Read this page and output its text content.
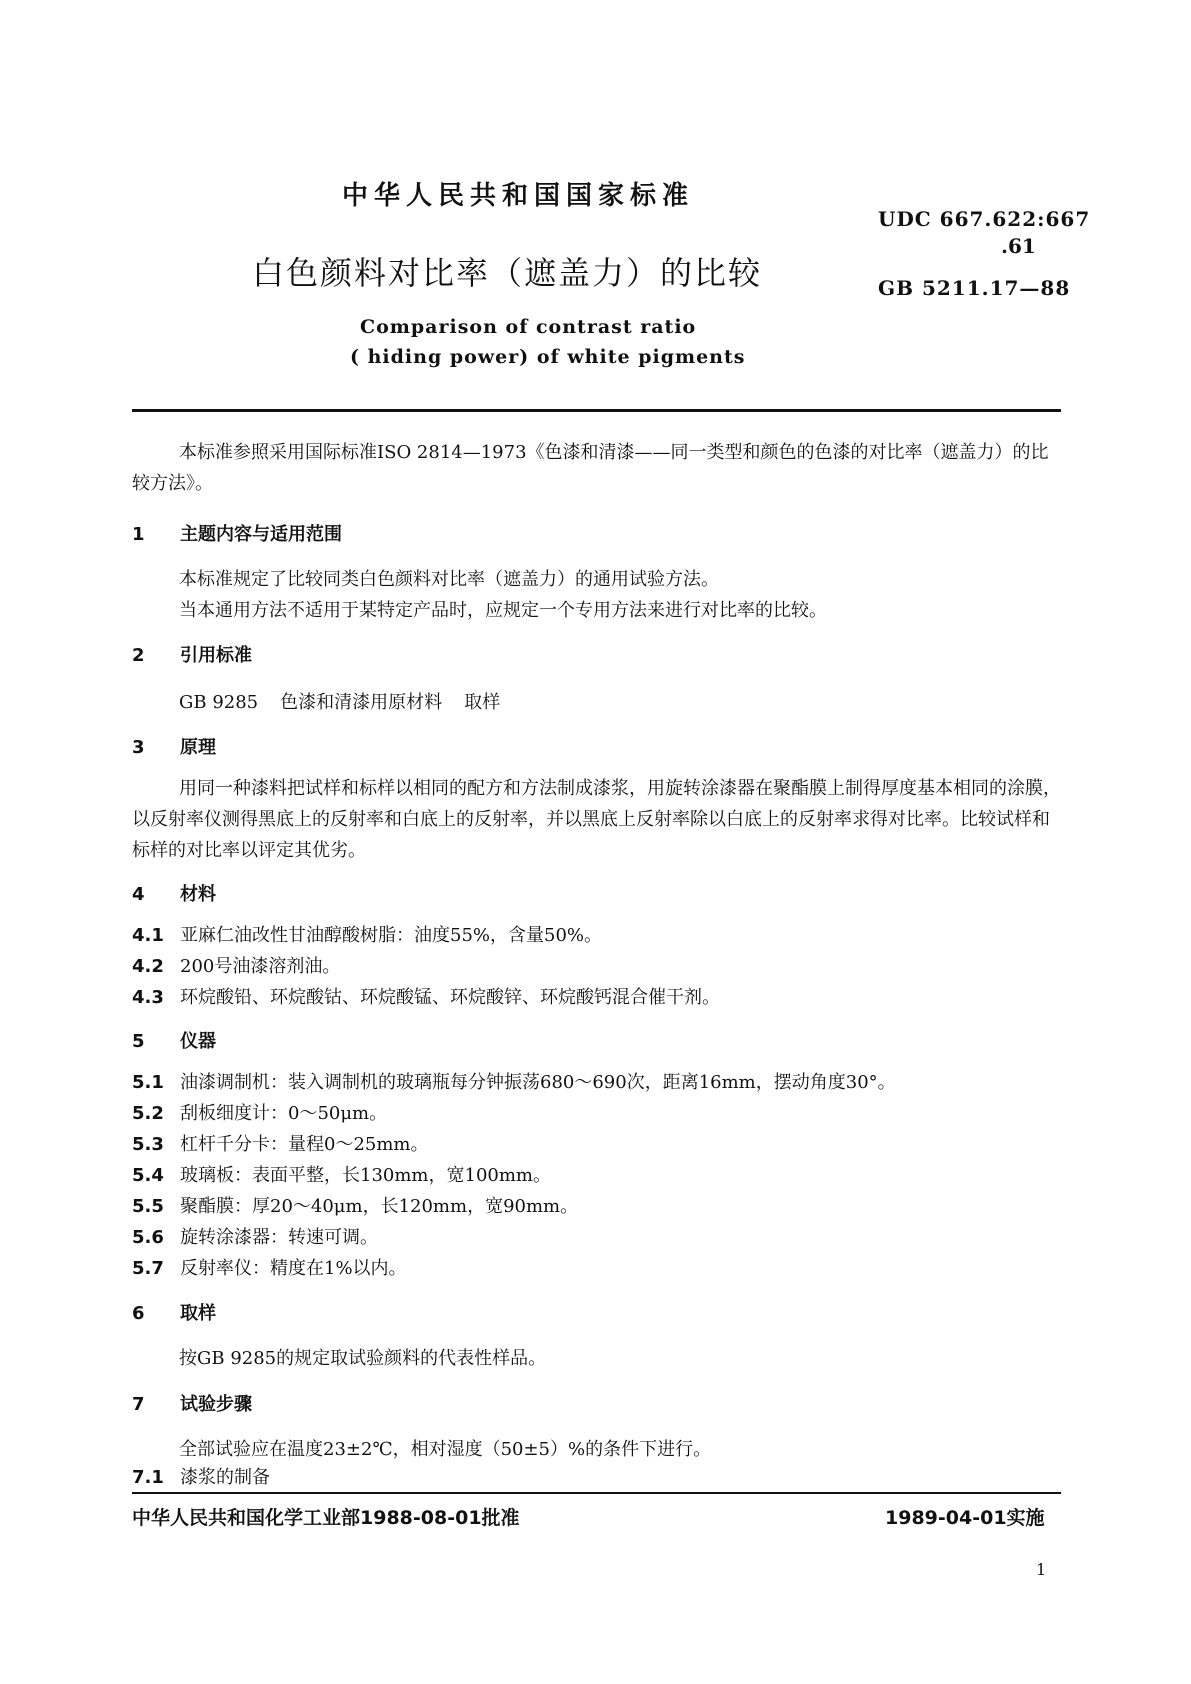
中华人民共和国国家标准
UDC 667.622:667
.61
白色颜料对比率（遮盖力）的比较	GB 5211.17—88
Comparison of contrast ratio
( hiding power) of white pigments
本标准参照采用国际标准ISO 2814—1973《色漆和清漆——同一类型和颜色的色漆的对比率（遮盖力）的比较方法》。
1 主题内容与适用范围
本标准规定了比较同类白色颜料对比率（遮盖力）的通用试验方法。
当本通用方法不适用于某特定产品时，应规定一个专用方法来进行对比率的比较。
2 引用标准
GB 9285 色漆和清漆用原材料 取样
3 原理
用同一种漆料把试样和标样以相同的配方和方法制成漆浆，用旋转涂漆器在聚酯膜上制得厚度基本相同的涂膜，以反射率仪测得黑底上的反射率和白底上的反射率，并以黑底上反射率除以白底上的反射率求得对比率。比较试样和标样的对比率以评定其优劣。
4 材料
4.1 亚麻仁油改性甘油醇酸树脂：油度55%，含量50%。
4.2 200号油漆溶剂油。
4.3 环烷酸铅、环烷酸钴、环烷酸锰、环烷酸锌、环烷酸钙混合催干剂。
5 仪器
5.1 油漆调制机：装入调制机的玻璃瓶每分钟振荡680～690次，距离16mm，摆动角度30°。
5.2 刮板细度计：0～50μm。
5.3 杠杆千分卡：量程0～25mm。
5.4 玻璃板：表面平整，长130mm，宽100mm。
5.5 聚酯膜：厚20～40μm，长120mm，宽90mm。
5.6 旋转涂漆器：转速可调。
5.7 反射率仪：精度在1%以内。
6 取样
按GB 9285的规定取试验颜料的代表性样品。
7 试验步骤
全部试验应在温度23±2℃，相对湿度（50±5）%的条件下进行。
7.1 漆浆的制备
中华人民共和国化学工业部1988-08-01批准	1989-04-01实施
1
